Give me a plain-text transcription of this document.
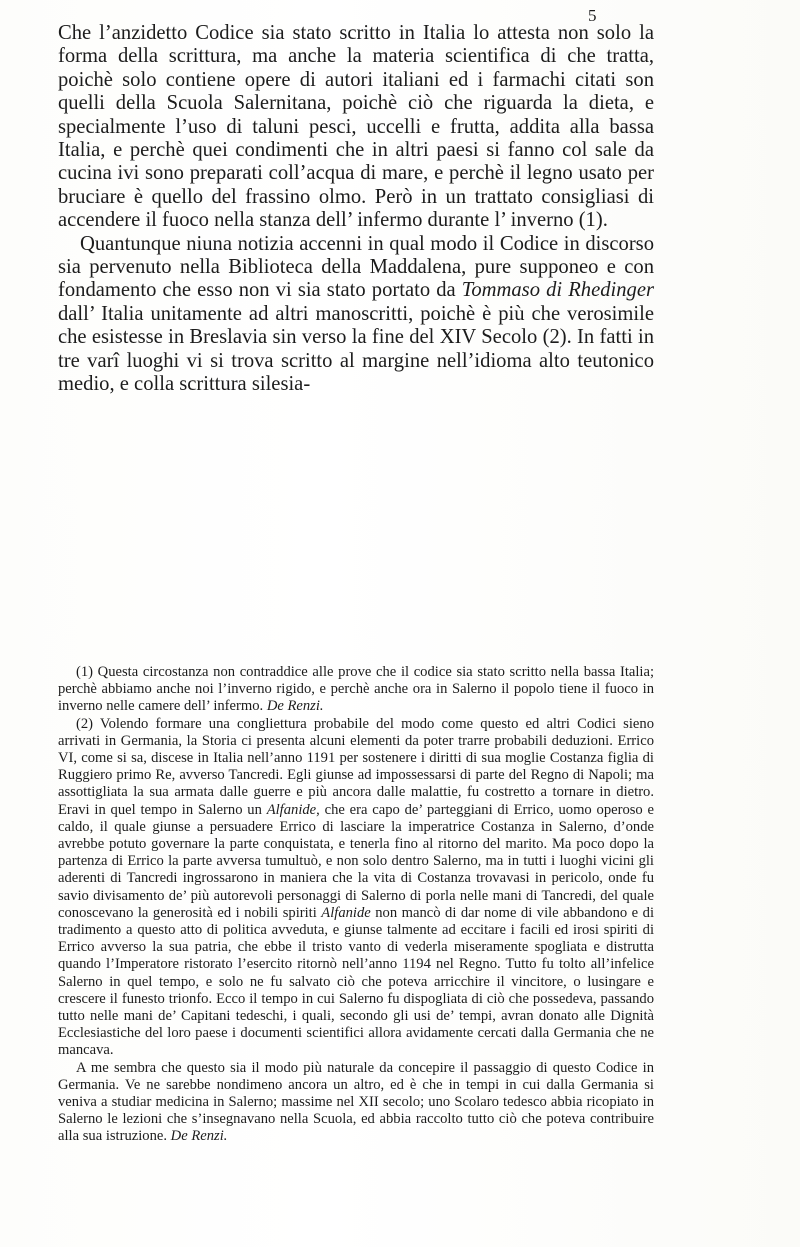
5

Che l’anzidetto Codice sia stato scritto in Italia lo attesta non solo la forma della scrittura, ma anche la materia scientifica di che tratta, poichè solo contiene opere di autori italiani ed i farmachi citati son quelli della Scuola Salernitana, poichè ciò che riguarda la dieta, e specialmente l’uso di taluni pesci, uccelli e frutta, addita alla bassa Italia, e perchè quei condimenti che in altri paesi si fanno col sale da cucina ivi sono preparati coll’acqua di mare, e perchè il legno usato per bruciare è quello del frassino olmo. Però in un trattato consigliasi di accendere il fuoco nella stanza dell’ infermo durante l’ inverno (1).

Quantunque niuna notizia accenni in qual modo il Codice in discorso sia pervenuto nella Biblioteca della Maddalena, pure supponeo e con fondamento che esso non vi sia stato portato da Tommaso di Rhedinger dall’ Italia unitamente ad altri manoscritti, poichè è più che verosimile che esistesse in Breslavia sin verso la fine del XIV Secolo (2). In fatti in tre varî luoghi vi si trova scritto al margine nell’idioma alto teutonico medio, e colla scrittura silesia-

(1) Questa circostanza non contraddice alle prove che il codice sia stato scritto nella bassa Italia; perchè abbiamo anche noi l’inverno rigido, e perchè anche ora in Salerno il popolo tiene il fuoco in inverno nelle camere dell’ infermo. De Renzi.

(2) Volendo formare una congliettura probabile del modo come questo ed altri Codici sieno arrivati in Germania, la Storia ci presenta alcuni elementi da poter trarre probabili deduzioni. Errico VI, come si sa, discese in Italia nell’anno 1191 per sostenere i diritti di sua moglie Costanza figlia di Ruggiero primo Re, avverso Tancredi. Egli giunse ad impossessarsi di parte del Regno di Napoli; ma assottigliata la sua armata dalle guerre e più ancora dalle malattie, fu costretto a tornare in dietro. Eravi in quel tempo in Salerno un Alfanide, che era capo de’ parteggiani di Errico, uomo operoso e caldo, il quale giunse a persuadere Errico di lasciare la imperatrice Costanza in Salerno, d’onde avrebbe potuto governare la parte conquistata, e tenerla fino al ritorno del marito. Ma poco dopo la partenza di Errico la parte avversa tumultuò, e non solo dentro Salerno, ma in tutti i luoghi vicini gli aderenti di Tancredi ingrossarono in maniera che la vita di Costanza trovavasi in pericolo, onde fu savio divisamento de’ più autorevoli personaggi di Salerno di porla nelle mani di Tancredi, del quale conoscevano la generosità ed i nobili spiriti Alfanide non mancò di dar nome di vile abbandono e di tradimento a questo atto di politica avveduta, e giunse talmente ad eccitare i facili ed irosi spiriti di Errico avverso la sua patria, che ebbe il tristo vanto di vederla miseramente spogliata e distrutta quando l’Imperatore ristorato l’esercito ritornò nell’anno 1194 nel Regno. Tutto fu tolto all’infelice Salerno in quel tempo, e solo ne fu salvato ciò che poteva arricchire il vincitore, o lusingare e crescere il funesto trionfo. Ecco il tempo in cui Salerno fu dispogliata di ciò che possedeva, passando tutto nelle mani de’ Capitani tedeschi, i quali, secondo gli usi de’ tempi, avran donato alle Dignità Ecclesiastiche del loro paese i documenti scientifici allora avidamente cercati dalla Germania che ne mancava.

A me sembra che questo sia il modo più naturale da concepire il passaggio di questo Codice in Germania. Ve ne sarebbe nondimeno ancora un altro, ed è che in tempi in cui dalla Germania si veniva a studiar medicina in Salerno; massime nel XII secolo; uno Scolaro tedesco abbia ricopiato in Salerno le lezioni che s’insegnavano nella Scuola, ed abbia raccolto tutto ciò che poteva contribuire alla sua istruzione. De Renzi.
